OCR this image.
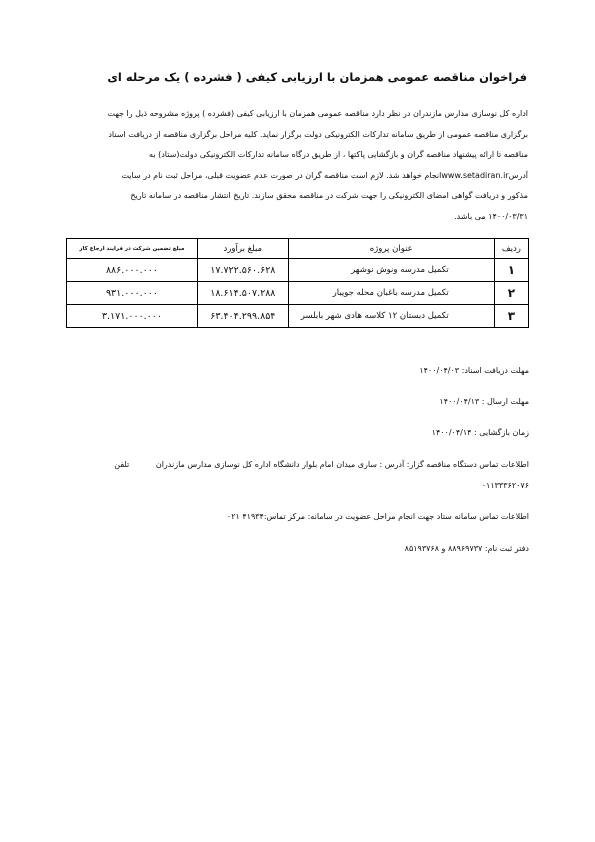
فراخوان مناقصه عمومی همزمان با ارزیابی کیفی ( فشرده ) یک مرحله ای
اداره کل نوسازی مدارس مازندران در نظر دارد مناقصه عمومی همزمان با ارزیابی کیفی (فشرده ) پروژه مشروحه ذیل را جهت
برگزاری مناقصه عمومی از طریق سامانه تدارکات الکترونیکی دولت برگزار نماید. کلیه مراحل برگزاری مناقصه از دریافت اسناد
مناقصه تا ارائه پیشنهاد مناقصه گران و بازگشایی پاکتها ، از طریق درگاه سامانه تدارکات الکترونیکی دولت(ستاد) به
آدرسwww.setadiran.irانجام خواهد شد. لازم است مناقصه گران در صورت عدم عضویت قبلی، مراحل ثبت نام در سایت
مذکور و دریافت گواهی امضای الکترونیکی را جهت شرکت در مناقصه محقق سازند. تاریخ انتشار مناقصه در سامانه تاریخ
۱۴۰۰/۰۳/۳۱ می باشد.
ردیف	عنوان پروژه	مبلغ برآورد	مبلغ تضمین شرکت در فرایند ارجاع کار
۱	تکمیل مدرسه ونوش نوشهر	۱۷.۷۲۲.۵۶۰.۶۲۸	۸۸۶.۰۰۰.۰۰۰
۲	تکمیل مدرسه باغبان محله جویبار	۱۸.۶۱۴.۵۰۷.۲۸۸	۹۳۱.۰۰۰.۰۰۰
۳	تکمیل دبستان ۱۲ کلاسه هادی شهر بابلسر	۶۳.۴۰۴.۲۹۹.۸۵۴	۳.۱۷۱.۰۰۰.۰۰۰
مهلت دریافت اسناد: ۱۴۰۰/۰۴/۰۳
مهلت ارسال : ۱۴۰۰/۰۴/۱۳
زمان بازگشایی : ۱۴۰۰/۰۴/۱۴
اطلاعات تماس دستگاه مناقصه گزار: آدرس : ساری میدان امام بلوار دانشگاه اداره کل نوسازی مدارس مازندران تلفن
۰۱۱۳۳۳۶۲۰۷۶
اطلاعات تماس سامانه ستاد جهت انجام مراحل عضویت در سامانه: مرکز تماس:۴۱۹۳۴ ۰۲۱
دفتر ثبت نام: ۸۸۹۶۹۷۳۷ و ۸۵۱۹۳۷۶۸
